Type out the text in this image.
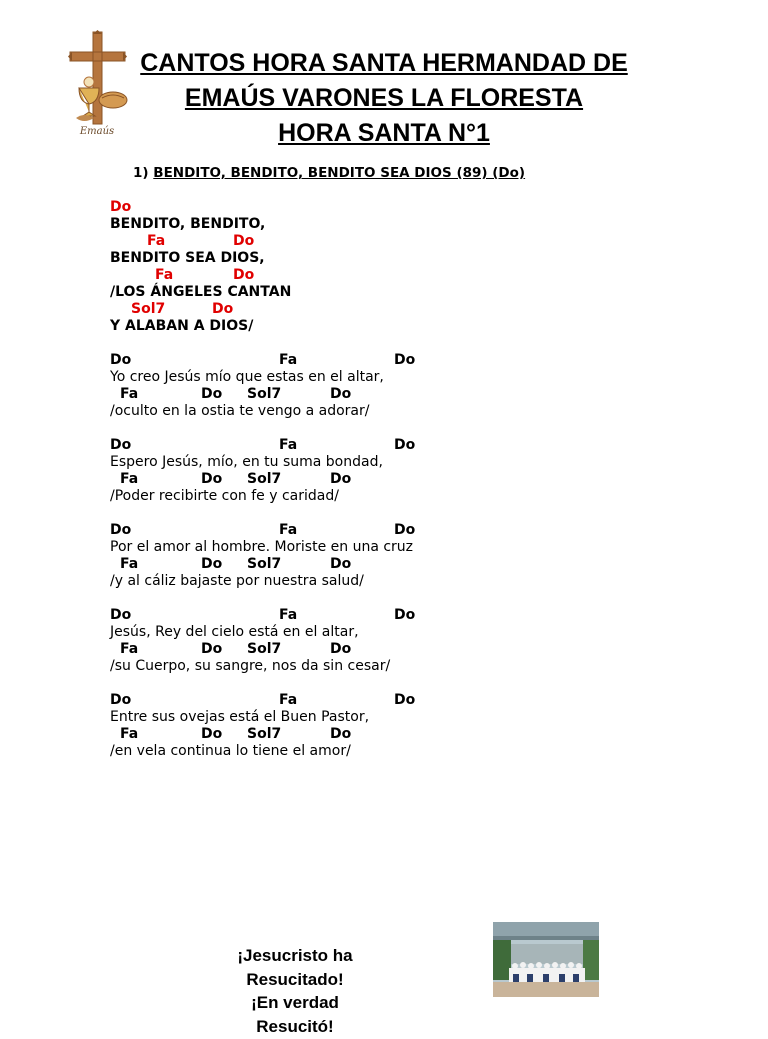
Emaús
CANTOS HORA SANTA HERMANDAD DE
EMAÚS VARONES LA FLORESTA
HORA SANTA N°1
1) BENDITO, BENDITO, BENDITO SEA DIOS (89) (Do)

Do

BENDITO, BENDITO,

Fa

	Do

BENDITO SEA DIOS,

Fa

	Do

/LOS ÁNGELES CANTAN

Sol7

	Do

Y ALABAN A DIOS/

Do

	Fa

	Do

Yo creo Jesús mío que estas en el altar,

Fa

	Do

Sol7

	Do

/oculto en la ostia te vengo a adorar/

Do

	Fa

	Do

Espero Jesús, mío, en tu suma bondad,

Fa

	Do

Sol7

	Do

/Poder recibirte con fe y caridad/

Do

	Fa

	Do

Por el amor al hombre. Moriste en una cruz

Fa

	Do

Sol7

	Do

/y al cáliz bajaste por nuestra salud/

Do

	Fa

	Do

Jesús, Rey del cielo está en el altar,

Fa

	Do

Sol7

	Do

/su Cuerpo, su sangre, nos da sin cesar/

Do

	Fa

	Do

Entre sus ovejas está el Buen Pastor,

Fa

	Do

Sol7

	Do

/en vela continua lo tiene el amor/
¡Jesucristo ha
Resucitado!
¡En verdad
Resucitó!
